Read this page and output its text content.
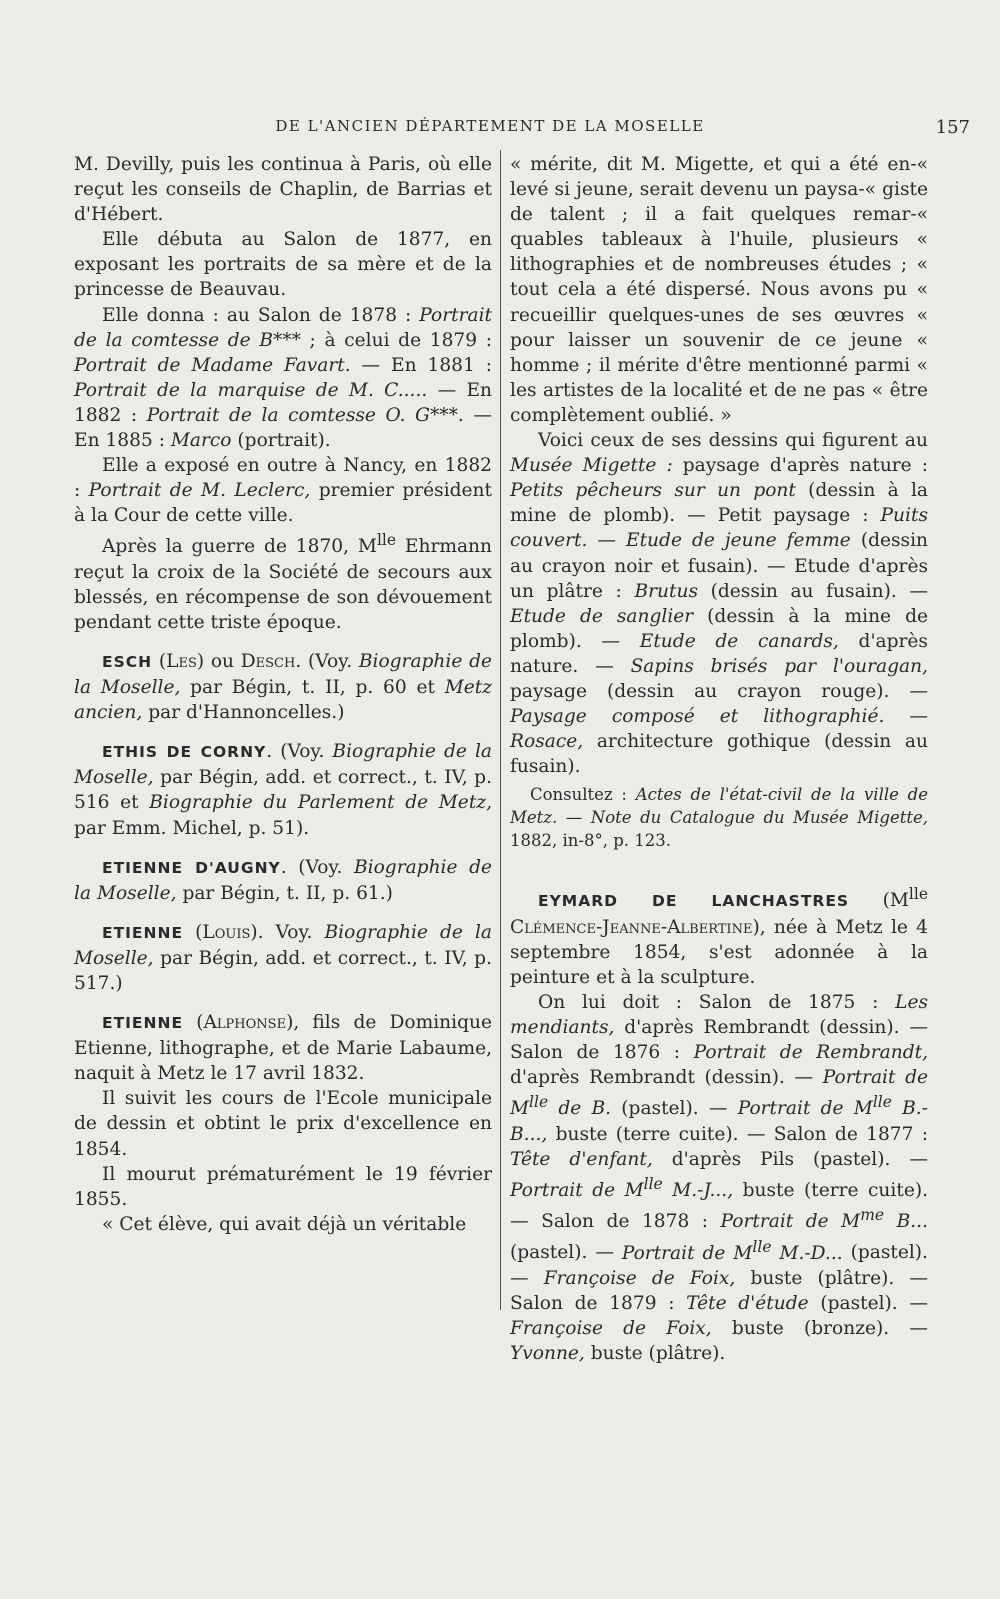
DE L'ANCIEN DÉPARTEMENT DE LA MOSELLE	157

M. Devilly, puis les continua à Paris, où elle reçut les conseils de Chaplin, de Barrias et d'Hébert.

Elle débuta au Salon de 1877, en exposant les portraits de sa mère et de la princesse de Beauvau.

Elle donna : au Salon de 1878 : Portrait de la comtesse de B*** ; à celui de 1879 : Portrait de Madame Favart. — En 1881 : Portrait de la marquise de M. C..... — En 1882 : Portrait de la comtesse O. G***. — En 1885 : Marco (portrait).

Elle a exposé en outre à Nancy, en 1882 : Portrait de M. Leclerc, premier président à la Cour de cette ville.

Après la guerre de 1870, $M^{lle}$ Ehrmann reçut la croix de la Société de secours aux blessés, en récompense de son dévouement pendant cette triste époque.

ESCH (Les) ou Desch. (Voy. Biographie de la Moselle, par Bégin, t. II, p. 60 et Metz ancien, par d'Hannoncelles.)

ETHIS DE CORNY. (Voy. Biographie de la Moselle, par Bégin, add. et correct., t. IV, p. 516 et Biographie du Parlement de Metz, par Emm. Michel, p. 51).

ETIENNE D'AUGNY. (Voy. Biographie de la Moselle, par Bégin, t. II, p. 61.)

ETIENNE (Louis). Voy. Biographie de la Moselle, par Bégin, add. et correct., t. IV, p. 517.)

ETIENNE (Alphonse), fils de Dominique Etienne, lithographe, et de Marie Labaume, naquit à Metz le 17 avril 1832.

Il suivit les cours de l'Ecole municipale de dessin et obtint le prix d'excellence en 1854.

Il mourut prématurément le 19 février 1855.

« Cet élève, qui avait déjà un véritable

« mérite, dit M. Migette, et qui a été en-« levé si jeune, serait devenu un paysa-« giste de talent ; il a fait quelques remar-« quables tableaux à l'huile, plusieurs « lithographies et de nombreuses études ; « tout cela a été dispersé. Nous avons pu « recueillir quelques-unes de ses œuvres « pour laisser un souvenir de ce jeune « homme ; il mérite d'être mentionné parmi « les artistes de la localité et de ne pas « être complètement oublié. »

Voici ceux de ses dessins qui figurent au Musée Migette : paysage d'après nature : Petits pêcheurs sur un pont (dessin à la mine de plomb). — Petit paysage : Puits couvert. — Etude de jeune femme (dessin au crayon noir et fusain). — Etude d'après un plâtre : Brutus (dessin au fusain). — Etude de sanglier (dessin à la mine de plomb). — Etude de canards, d'après nature. — Sapins brisés par l'ouragan, paysage (dessin au crayon rouge). — Paysage composé et lithographié. — Rosace, architecture gothique (dessin au fusain).

Consultez : Actes de l'état-civil de la ville de Metz. — Note du Catalogue du Musée Migette, 1882, in-8°, p. 123.

EYMARD DE LANCHASTRES ($M^{lle}$ Clémence-Jeanne-Albertine), née à Metz le 4 septembre 1854, s'est adonnée à la peinture et à la sculpture.

On lui doit : Salon de 1875 : Les mendiants, d'après Rembrandt (dessin). — Salon de 1876 : Portrait de Rembrandt, d'après Rembrandt (dessin). — Portrait de $M^{lle}$ de B. (pastel). — Portrait de $M^{lle}$ B.-B..., buste (terre cuite). — Salon de 1877 : Tête d'enfant, d'après Pils (pastel). — Portrait de $M^{lle}$ M.-J..., buste (terre cuite). — Salon de 1878 : Portrait de $M^{me}$ B... (pastel). — Portrait de $M^{lle}$ M.-D... (pastel). — Françoise de Foix, buste (plâtre). — Salon de 1879 : Tête d'étude (pastel). — Françoise de Foix, buste (bronze). — Yvonne, buste (plâtre).
